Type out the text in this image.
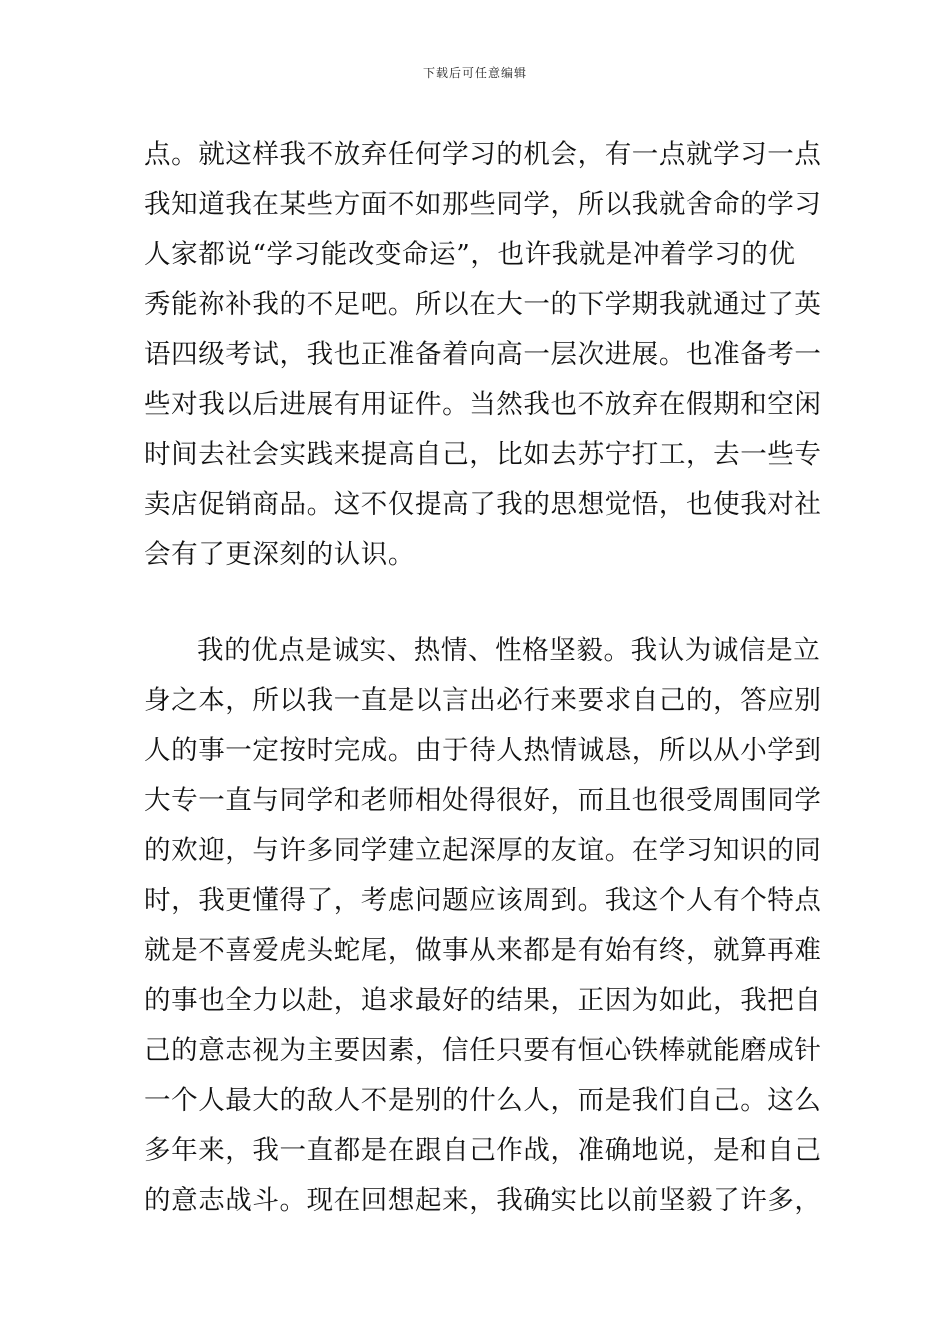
下载后可任意编辑
点。就这样我不放弃任何学习的机会，有一点就学习一点
我知道我在某些方面不如那些同学，所以我就舍命的学习
人家都说“学习能改变命运”，也许我就是冲着学习的优
秀能祢补我的不足吧。所以在大一的下学期我就通过了英
语四级考试，我也正准备着向高一层次进展。也准备考一
些对我以后进展有用证件。当然我也不放弃在假期和空闲
时间去社会实践来提高自己，比如去苏宁打工，去一些专
卖店促销商品。这不仅提高了我的思想觉悟，也使我对社
会有了更深刻的认识。
我的优点是诚实、热情、性格坚毅。我认为诚信是立
身之本，所以我一直是以言出必行来要求自己的，答应别
人的事一定按时完成。由于待人热情诚恳，所以从小学到
大专一直与同学和老师相处得很好，而且也很受周围同学
的欢迎，与许多同学建立起深厚的友谊。在学习知识的同
时，我更懂得了，考虑问题应该周到。我这个人有个特点
就是不喜爱虎头蛇尾，做事从来都是有始有终，就算再难
的事也全力以赴，追求最好的结果，正因为如此，我把自
己的意志视为主要因素，信任只要有恒心铁棒就能磨成针
一个人最大的敌人不是别的什么人，而是我们自己。这么
多年来，我一直都是在跟自己作战，准确地说，是和自己
的意志战斗。现在回想起来，我确实比以前坚毅了许多，
